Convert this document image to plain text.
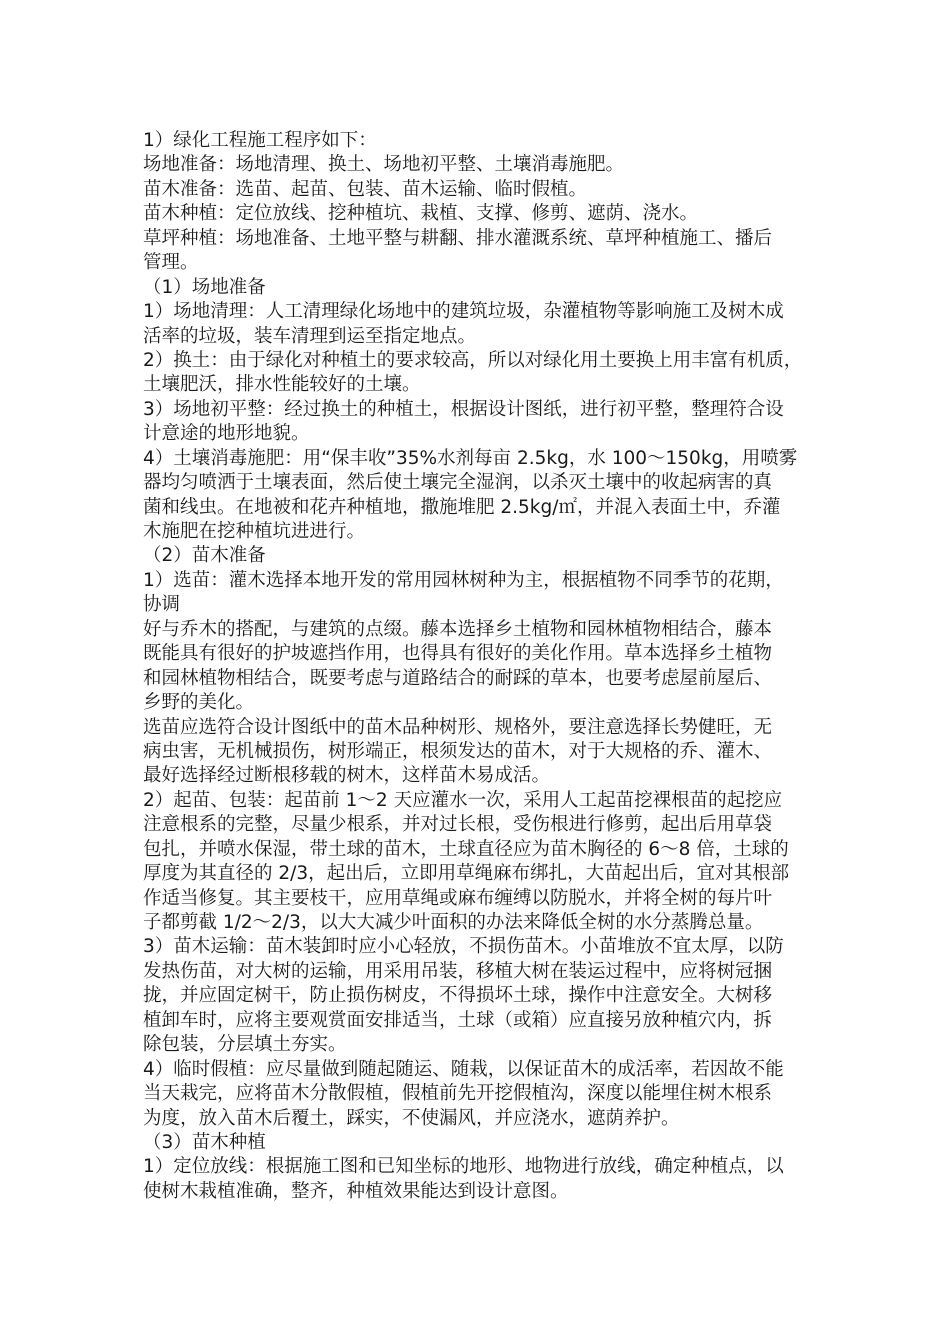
1）绿化工程施工程序如下：
场地准备：场地清理、换土、场地初平整、土壤消毒施肥。
苗木准备：选苗、起苗、包装、苗木运输、临时假植。
苗木种植：定位放线、挖种植坑、栽植、支撑、修剪、遮荫、浇水。
草坪种植：场地准备、土地平整与耕翻、排水灌溉系统、草坪种植施工、播后
管理。
（1）场地准备
1）场地清理：人工清理绿化场地中的建筑垃圾，杂灌植物等影响施工及树木成
活率的垃圾，装车清理到运至指定地点。
2）换土：由于绿化对种植土的要求较高，所以对绿化用土要换上用丰富有机质，
土壤肥沃，排水性能较好的土壤。
3）场地初平整：经过换土的种植土，根据设计图纸，进行初平整，整理符合设
计意途的地形地貌。
4）土壤消毒施肥：用“保丰收”35%水剂每亩 2.5kg，水 100～150kg，用喷雾
器均匀喷洒于土壤表面，然后使土壤完全湿润，以杀灭土壤中的收起病害的真
菌和线虫。在地被和花卉种植地，撒施堆肥 2.5kg/㎡，并混入表面土中，乔灌
木施肥在挖种植坑进进行。
（2）苗木准备
1）选苗：灌木选择本地开发的常用园林树种为主，根据植物不同季节的花期，
协调
好与乔木的搭配，与建筑的点缀。藤本选择乡土植物和园林植物相结合，藤本
既能具有很好的护坡遮挡作用，也得具有很好的美化作用。草本选择乡土植物
和园林植物相结合，既要考虑与道路结合的耐踩的草本，也要考虑屋前屋后、
乡野的美化。
选苗应选符合设计图纸中的苗木品种树形、规格外，要注意选择长势健旺，无
病虫害，无机械损伤，树形端正，根须发达的苗木，对于大规格的乔、灌木、
最好选择经过断根移载的树木，这样苗木易成活。
2）起苗、包装：起苗前 1～2 天应灌水一次，采用人工起苗挖裸根苗的起挖应
注意根系的完整，尽量少根系，并对过长根，受伤根进行修剪，起出后用草袋
包扎，并喷水保湿，带土球的苗木，土球直径应为苗木胸径的 6～8 倍，土球的
厚度为其直径的 2/3，起出后，立即用草绳麻布绑扎，大苗起出后，宜对其根部
作适当修复。其主要枝干，应用草绳或麻布缠缚以防脱水，并将全树的每片叶
子都剪截 1/2～2/3，以大大减少叶面积的办法来降低全树的水分蒸腾总量。
3）苗木运输：苗木装卸时应小心轻放，不损伤苗木。小苗堆放不宜太厚，以防
发热伤苗，对大树的运输，用采用吊装，移植大树在装运过程中，应将树冠捆
拢，并应固定树干，防止损伤树皮，不得损坏土球，操作中注意安全。大树移
植卸车时，应将主要观赏面安排适当，土球（或箱）应直接另放种植穴内，拆
除包装，分层填土夯实。
4）临时假植：应尽量做到随起随运、随栽，以保证苗木的成活率，若因故不能
当天栽完，应将苗木分散假植，假植前先开挖假植沟，深度以能埋住树木根系
为度，放入苗木后覆土，踩实，不使漏风，并应浇水，遮荫养护。
（3）苗木种植
1）定位放线：根据施工图和已知坐标的地形、地物进行放线，确定种植点，以
使树木栽植准确，整齐，种植效果能达到设计意图。
